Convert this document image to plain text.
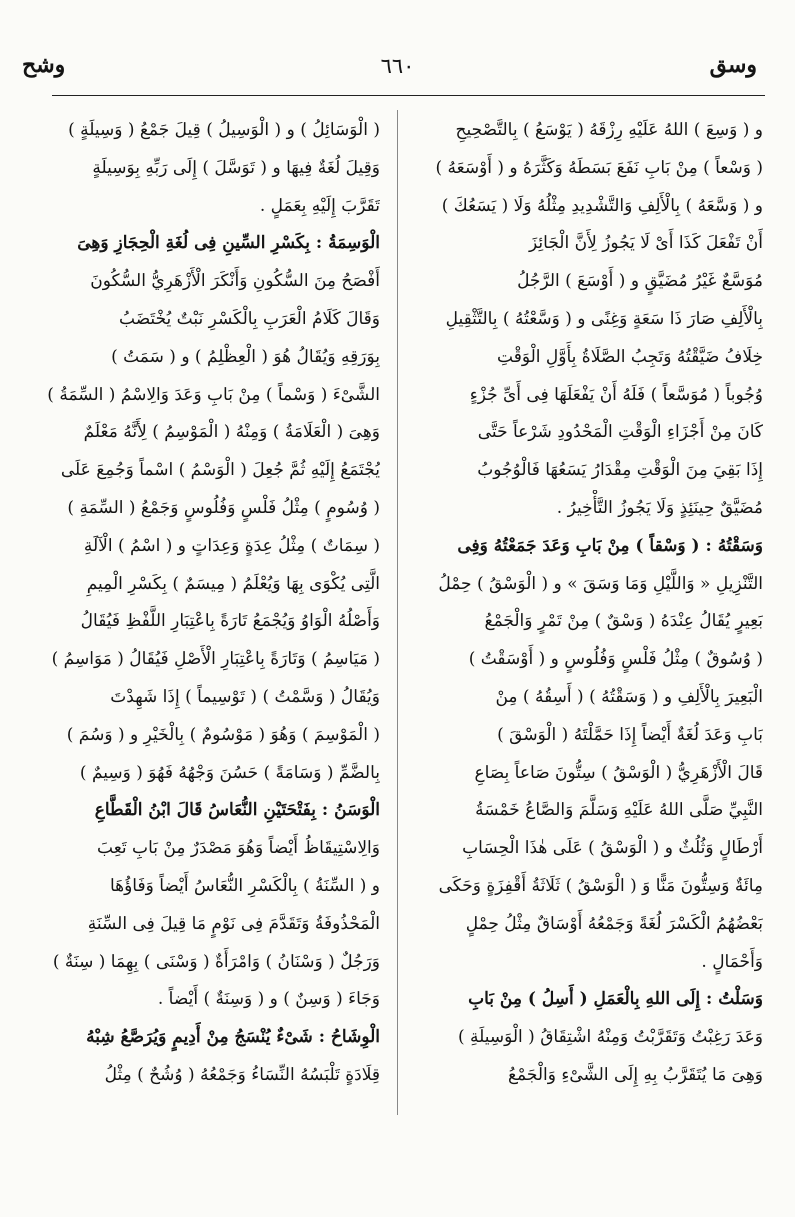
وسق
٦٦٠
وشح
و ( وَسِعَ ) اللهُ عَلَيْهِ رِزْقَهُ ( يَوْسَعُ ) بِالتَّصْحِيحِ
( وَسْعاً ) مِنْ بَابِ نَفَعَ بَسَطَهُ وَكَثَّرَهُ و ( أَوْسَعَهُ )
و ( وَسَّعَهُ ) بِالْأَلِفِ وَالتَّشْدِيدِ مِثْلُهُ وَلَا ( يَسَعُكَ )
أَنْ تَفْعَلَ كَذَا أَىْ لَا يَجُوزُ لِأَنَّ الْجَائِزَ
مُوَسَّعٌ غَيْرُ مُضَيَّقٍ و ( أَوْسَعَ ) الرَّجُلُ
بِالْأَلِفِ صَارَ ذَا سَعَةٍ وَغِنًى و ( وَسَّعْتُهُ ) بِالتَّثْقِيلِ
خِلَافُ ضَيَّقْتُهُ وَتَجِبُ الصَّلَاةُ بِأَوَّلِ الْوَقْتِ
وُجُوباً ( مُوَسَّعاً ) فَلَهُ أَنْ يَفْعَلَهَا فِى أَىِّ جُزْءٍ
كَانَ مِنْ أَجْزَاءِ الْوَقْتِ الْمَحْدُودِ شَرْعاً حَتَّى
إِذَا بَقِيَ مِنَ الْوَقْتِ مِقْدَارُ يَسَعُهَا فَالْوُجُوبُ
مُضَيَّقٌ حِينَئِذٍ وَلَا يَجُوزُ التَّأْخِيرُ .
وَسَقْتُهُ : ( وَسْقاً ) مِنْ بَابِ وَعَدَ جَمَعْتُهُ وَفِى
التَّنْزِيلِ « وَاللَّيْلِ وَمَا وَسَقَ » و ( الْوَسْقُ ) حِمْلُ
بَعِيرٍ يُقَالُ عِنْدَهُ ( وَسْقٌ ) مِنْ تَمْرٍ وَالْجَمْعُ
( وُسُوقٌ ) مِثْلُ فَلْسٍ وَفُلُوسٍ و ( أَوْسَقْتُ )
الْبَعِيرَ بِالْأَلِفِ و ( وَسَقْتُهُ ) ( أَسِقُهُ ) مِنْ
بَابِ وَعَدَ لُغَةٌ أَيْضاً إِذَا حَمَّلْتَهُ ( الْوَسْقَ )
قَالَ الْأَزْهَرِيُّ ( الْوَسْقُ ) سِتُّونَ صَاعاً بِصَاعِ
النَّبِيِّ صَلَّى اللهُ عَلَيْهِ وَسَلَّمَ وَالصَّاعُ خَمْسَةُ
أَرْطَالٍ وَثُلُثٌ و ( الْوَسْقُ ) عَلَى هٰذَا الْحِسَابِ
مِائَةٌ وَسِتُّونَ مَنًّا وَ ( الْوَسْقُ ) ثَلَاثَةُ أَقْفِزَةٍ وَحَكَى
بَعْضُهُمُ الْكَسْرَ لُغَةً وَجَمْعُهُ أَوْسَاقٌ مِثْلُ حِمْلٍ
وَأَحْمَالٍ .
وَسَلْتُ : إِلَى اللهِ بِالْعَمَلِ ( أَسِلُ ) مِنْ بَابِ
وَعَدَ رَغِبْتُ وَتَقَرَّبْتُ وَمِنْهُ اشْتِقَاقُ ( الْوَسِيلَةِ )
وَهِىَ مَا يُتَقَرَّبُ بِهِ إِلَى الشَّىْءِ وَالْجَمْعُ
( الْوَسَائِلُ ) و ( الْوَسِيلُ ) قِيلَ جَمْعُ ( وَسِيلَةٍ )
وَقِيلَ لُغَةٌ فِيهَا و ( تَوَسَّلَ ) إِلَى رَبِّهِ بِوَسِيلَةٍ
تَقَرَّبَ إِلَيْهِ بِعَمَلٍ .
الْوَسِمَةُ : بِكَسْرِ السِّينِ فِى لُغَةِ الْحِجَازِ وَهِىَ
أَفْصَحُ مِنَ السُّكُونِ وَأَنْكَرَ الْأَزْهَرِيُّ السُّكُونَ
وَقَالَ كَلَامُ الْعَرَبِ بِالْكَسْرِ نَبْتٌ يُخْتَضَبُ
بِوَرَقِهِ وَيُقَالُ هُوَ ( الْعِظْلِمُ ) و ( سَمَتُ )
الشَّىْءَ ( وَسْماً ) مِنْ بَابِ وَعَدَ وَالِاسْمُ ( السِّمَةُ )
وَهِىَ ( الْعَلَامَةُ ) وَمِنْهُ ( الْمَوْسِمُ ) لِأَنَّهُ مَعْلَمٌ
يُجْتَمَعُ إِلَيْهِ ثُمَّ جُعِلَ ( الْوَسْمُ ) اسْماً وَجُمِعَ عَلَى
( وُسُومٍ ) مِثْلُ فَلْسٍ وَفُلُوسٍ وَجَمْعُ ( السِّمَةِ )
( سِمَاتٌ ) مِثْلُ عِدَةٍ وَعِدَاتٍ و ( اسْمُ ) الْآلَةِ
الَّتِى يُكْوَى بِهَا وَيُعْلَمُ ( مِيسَمٌ ) بِكَسْرِ الْمِيمِ
وَأَصْلُهُ الْوَاوُ وَيُجْمَعُ تَارَةً بِاعْتِبَارِ اللَّفْظِ فَيُقَالُ
( مَيَاسِمُ ) وَتَارَةً بِاعْتِبَارِ الْأَصْلِ فَيُقَالُ ( مَوَاسِمُ )
وَيُقَالُ ( وَسَّمْتُ ) ( تَوْسِيماً ) إِذَا شَهِدْتَ
( الْمَوْسِمَ ) وَهُوَ ( مَوْسُومٌ ) بِالْخَيْرِ و ( وَسُمَ )
بِالضَّمِّ ( وَسَامَةً ) حَسُنَ وَجْهُهُ فَهُوَ ( وَسِيمٌ )
الْوَسَنُ : بِفَتْحَتَيْنِ النُّعَاسُ قَالَ ابْنُ الْقَطَّاعِ
وَالِاسْتِيقَاظُ أَيْضاً وَهُوَ مَصْدَرٌ مِنْ بَابِ تَعِبَ
و ( السِّنَةُ ) بِالْكَسْرِ النُّعَاسُ أَيْضاً وَفَاؤُهَا
الْمَحْذُوفَةُ وَتَقَدَّمَ فِى نَوْمٍ مَا قِيلَ فِى السِّنَةِ
وَرَجُلٌ ( وَسْنَانُ ) وَامْرَأَةٌ ( وَسْنَى ) بِهِمَا ( سِنَةٌ )
وَجَاءَ ( وَسِنٌ ) و ( وَسِنَةٌ ) أَيْضاً .
الْوِشَاحُ : شَىْءٌ يُنْسَجُ مِنْ أَدِيمٍ وَيُرَصَّعُ شِبْهُ
قِلَادَةٍ تَلْبَسُهُ النِّسَاءُ وَجَمْعُهُ ( وُشُحٌ ) مِثْلُ
